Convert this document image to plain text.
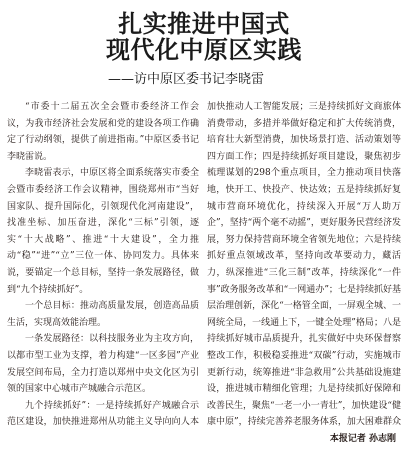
扎实推进中国式
现代化中原区实践
——访中原区委书记李晓雷

“市委十二届五次全会暨市委经济工作会议，为我市经济社会发展和党的建设各项工作确定了行动纲领，提供了前进指南。”中原区委书记李晓雷说。

李晓雷表示，中原区将全面系统落实市委全会暨市委经济工作会议精神，围绕郑州市“当好国家队、提升国际化，引领现代化河南建设”，找准坐标、加压奋进，深化“三标”引领，逐实“十大战略”、推进“十大建设”，全力推动“稳”“进”“立”三位一体、协同发力。具体来说，要锚定一个总目标，坚持一条发展路径，做到“九个持续抓好”。

一个总目标：推动高质量发展，创造高品质生活，实现高效能治理。

一条发展路径：以科技服务业为主攻方向，以都市型工业为支撑，着力构建“一区多园”产业发展空间布局，全力打造以郑州中央文化区为引领的国家中心城市产城融合示范区。

九个持续抓好”：一是持续抓好产城融合示范区建设，加快推进郑州从功能主义导向向人本

加快推动人工智能发展；三是持续抓好文商旅体消费带动，多措并举做好稳定和扩大传统消费，培育壮大新型消费，加快场景打造、活动策划等四方面工作；四是持续抓好项目建设，聚焦初步梳理谋划的298个重点项目，全力推动项目快落地，快开工、快投产、快达效；五是持续抓好复城市营商环境优化，持续深入开展“万人助万企”，坚持“两个毫不动摇”，更好服务民营经济发展，努力保持营商环境全省领先地位；六是持续抓好重点领域改革，坚持向改革要动力，藏活力，纵深推进“三化三制”改革，持续深化“一件事”政务服务改革和“一网通办”；七是持续抓好基层治理创新，深化“一格管全面，一屏观全城、一网统全局，一线通上下，一键全处理”格局；八是持续抓好城市品质提升，扎实做好中央环保督察整改工作，积极稳妥推进“双碳”行动，实施城市更新行动，统筹推进“非急救用”公共基础设施建设，推进城市精细化管理；九是持续抓好保障和改善民生，聚焦“一老一小一青壮”，加快建设“健康中原”，持续完善养老服务体系，加大困难群众

本报记者 孙志刚
